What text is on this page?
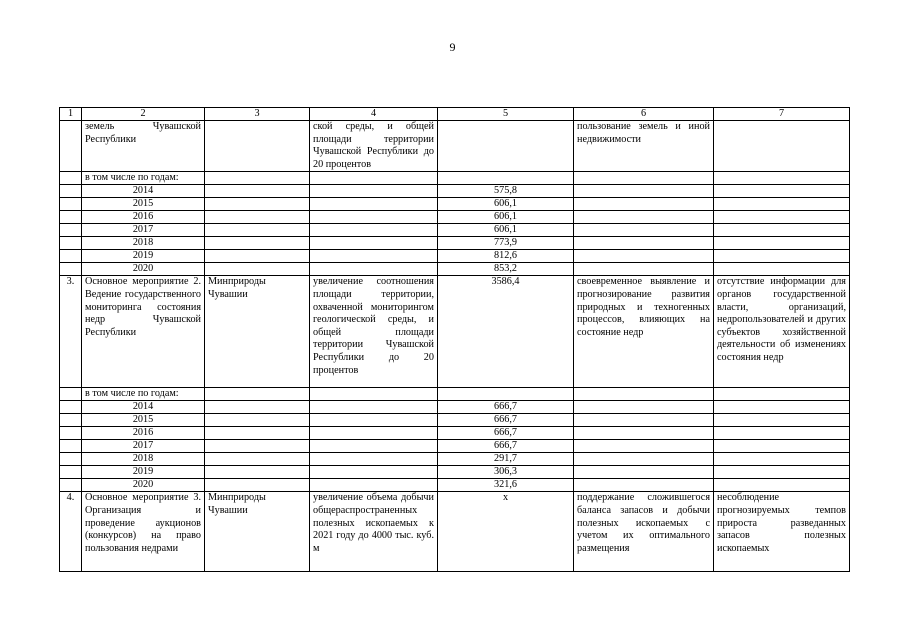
9
1	2	3	4	5	6	7
	земель Чувашской Республики		ской среды, и общей площади территории Чувашской Республики до 20 процентов		пользование земель и иной недвижимости	
	в том числе по годам:					
	2014			575,8		
	2015			606,1		
	2016			606,1		
	2017			606,1		
	2018			773,9		
	2019			812,6		
	2020			853,2		
3.	Основное мероприятие 2. Ведение государственного мониторинга состояния недр Чувашской Республики	Минприроды Чувашии	увеличение соотношения площади территории, охваченной мониторингом геологической среды, и общей площади территории Чувашской Республики до 20 процентов	3586,4	своевременное выявление и прогнозирование развития природных и техногенных процессов, влияющих на состояние недр	отсутствие информации для органов государственной власти, организаций, недропользователей и других субъектов хозяйственной деятельности об изменениях состояния недр
	в том числе по годам:					
	2014			666,7		
	2015			666,7		
	2016			666,7		
	2017			666,7		
	2018			291,7		
	2019			306,3		
	2020			321,6		
4.	Основное мероприятие 3. Организация и проведение аукционов (конкурсов) на право пользования недрами	Минприроды Чувашии	увеличение объема добычи общераспространенных полезных ископаемых к 2021 году до 4000 тыс. куб. м	х	поддержание сложившегося баланса запасов и добычи полезных ископаемых с учетом их оптимального размещения	несоблюдение прогнозируемых темпов прироста разведанных запасов полезных ископаемых
